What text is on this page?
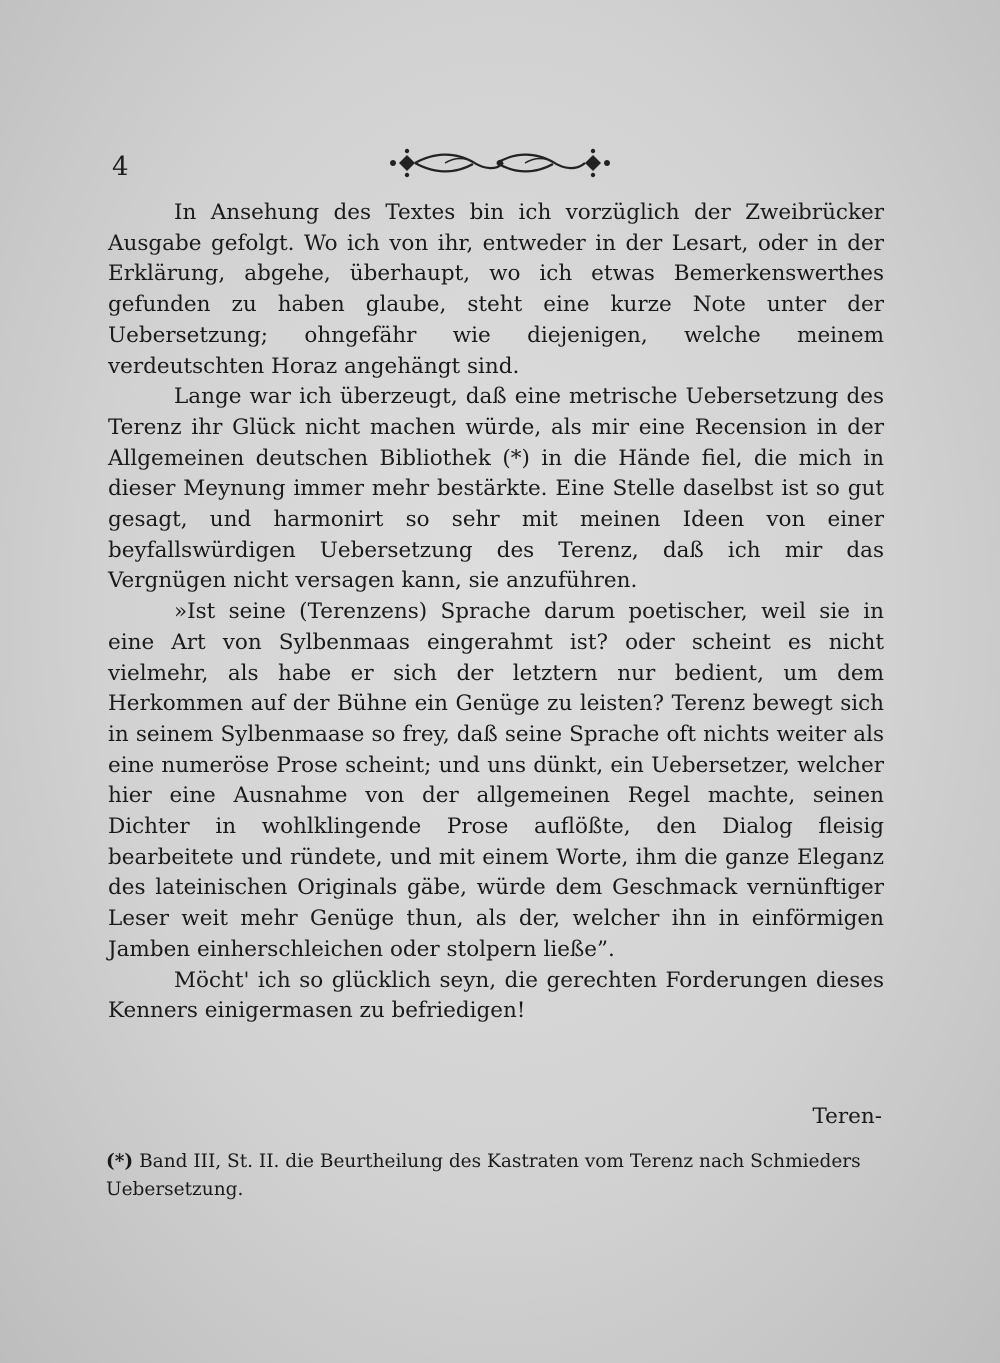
4

In Ansehung des Textes bin ich vorzüglich der Zweibrücker Ausgabe gefolgt. Wo ich von ihr, entweder in der Lesart, oder in der Erklärung, abgehe, überhaupt, wo ich etwas Bemerkenswerthes gefunden zu haben glaube, steht eine kurze Note unter der Uebersetzung; ohngefähr wie diejenigen, welche meinem verdeutschten Horaz angehängt sind.

Lange war ich überzeugt, daß eine metrische Uebersetzung des Terenz ihr Glück nicht machen würde, als mir eine Recension in der Allgemeinen deutschen Bibliothek (*) in die Hände fiel, die mich in dieser Meynung immer mehr bestärkte. Eine Stelle daselbst ist so gut gesagt, und harmonirt so sehr mit meinen Ideen von einer beyfallswürdigen Uebersetzung des Terenz, daß ich mir das Vergnügen nicht versagen kann, sie anzuführen.

»Ist seine (Terenzens) Sprache darum poetischer, weil sie in eine Art von Sylbenmaas eingerahmt ist? oder scheint es nicht vielmehr, als habe er sich der letztern nur bedient, um dem Herkommen auf der Bühne ein Genüge zu leisten? Terenz bewegt sich in seinem Sylbenmaase so frey, daß seine Sprache oft nichts weiter als eine numeröse Prose scheint; und uns dünkt, ein Uebersetzer, welcher hier eine Ausnahme von der allgemeinen Regel machte, seinen Dichter in wohlklingende Prose auflößte, den Dialog fleisig bearbeitete und ründete, und mit einem Worte, ihm die ganze Eleganz des lateinischen Originals gäbe, würde dem Geschmack vernünftiger Leser weit mehr Genüge thun, als der, welcher ihn in einförmigen Jamben einherschleichen oder stolpern ließe”.

Möcht' ich so glücklich seyn, die gerechten Forderungen dieses Kenners einigermasen zu befriedigen!

Teren-
(*) Band III, St. II. die Beurtheilung des Kastraten vom Terenz nach Schmieders Uebersetzung.
